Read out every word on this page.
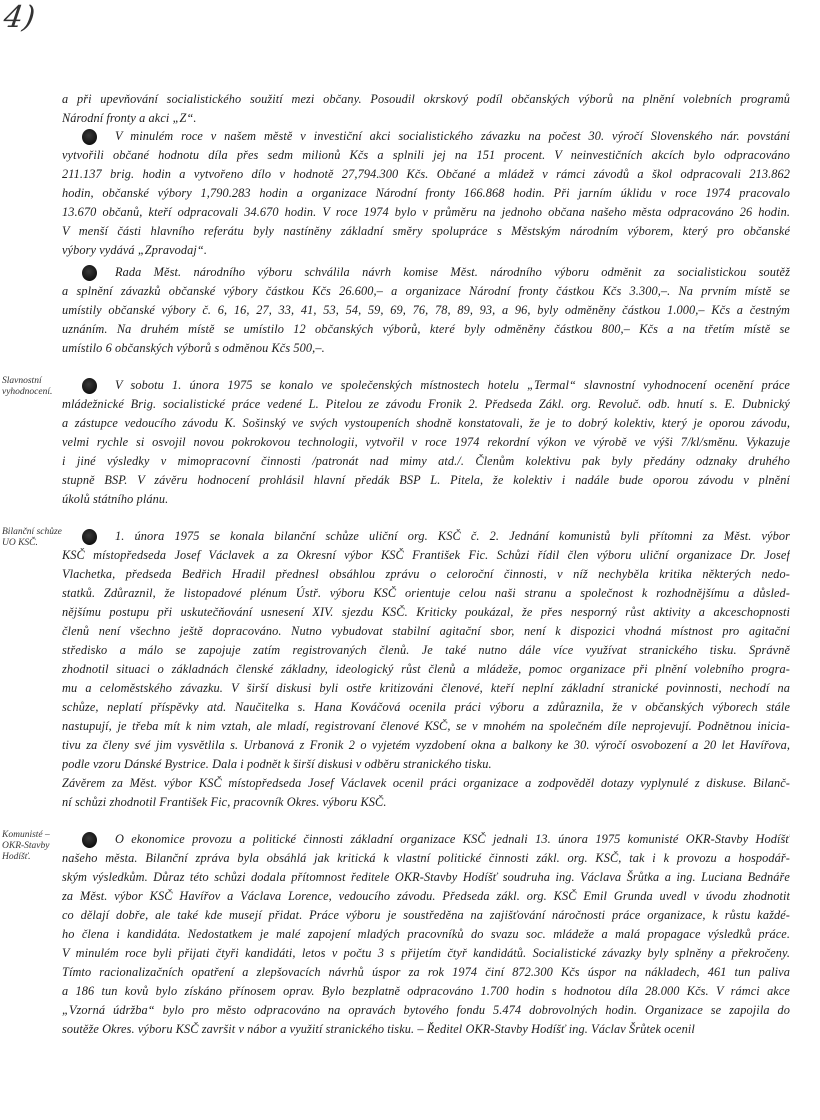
4)
a při upevňování socialistického soužití mezi občany. Posoudil okrskový podíl občanských výborů na plnění volebních programů
Národní fronty a akci „Z“.
V minulém roce v našem městě v investiční akci socialistického závazku na počest 30. výročí Slovenského nár. povstání
vytvořili občané hodnotu díla přes sedm milionů Kčs a splnili jej na 151 procent. V neinvestičních akcích bylo odpracováno
211.137 brig. hodin a vytvořeno dílo v hodnotě 27,794.300 Kčs. Občané a mládež v rámci závodů a škol odpracovali 213.862
hodin, občanské výbory 1,790.283 hodin a organizace Národní fronty 166.868 hodin. Při jarním úklidu v roce 1974 pracovalo
13.670 občanů, kteří odpracovali 34.670 hodin. V roce 1974 bylo v průměru na jednoho občana našeho města odpracováno 26 hodin.
V menší části hlavního referátu byly nastíněny základní směry spolupráce s Městským národním výborem, který pro občanské
výbory vydává „Zpravodaj“.
Rada Měst. národního výboru schválila návrh komise Měst. národního výboru odměnit za socialistickou soutěž
a splnění závazků občanské výbory částkou Kčs 26.600,– a organizace Národní fronty částkou Kčs 3.300,–. Na prvním místě se
umístily občanské výbory č. 6, 16, 27, 33, 41, 53, 54, 59, 69, 76, 78, 89, 93, a 96, byly odměněny částkou 1.000,– Kčs a čestným
uznáním. Na druhém místě se umístilo 12 občanských výborů, které byly odměněny částkou 800,– Kčs a na třetím místě se
umístilo 6 občanských výborů s odměnou Kčs 500,–.
Slavnostní vyhodnocení.	V sobotu 1. února 1975 se konalo ve společenských místnostech hotelu „Termal“ slavnostní vyhodnocení ocenění práce
mládežnické Brig. socialistické práce vedené L. Pitelou ze závodu Fronik 2. Předseda Zákl. org. Revoluč. odb. hnutí s. E. Dubnický
a zástupce vedoucího závodu K. Sošinský ve svých vystoupeních shodně konstatovali, že je to dobrý kolektiv, který je oporou závodu,
velmi rychle si osvojil novou pokrokovou technologii, vytvořil v roce 1974 rekordní výkon ve výrobě ve výši 7/kl/směnu. Vykazuje
i jiné výsledky v mimopracovní činnosti /patronát nad mimy atd./. Členům kolektivu pak byly předány odznaky druhého
stupně BSP. V závěru hodnocení prohlásil hlavní předák BSP L. Pitela, že kolektiv i nadále bude oporou závodu v plnění
úkolů státního plánu.
Bilanční schůze UO KSČ.	1. února 1975 se konala bilanční schůze uliční org. KSČ č. 2. Jednání komunistů byli přítomni za Měst. výbor
KSČ místopředseda Josef Václavek a za Okresní výbor KSČ František Fic. Schůzi řídil člen výboru uliční organizace Dr. Josef
Vlachetka, předseda Bedřich Hradil přednesl obsáhlou zprávu o celoroční činnosti, v níž nechyběla kritika některých nedo-
statků. Zdůraznil, že listopadové plénum Ústř. výboru KSČ orientuje celou naši stranu a společnost k rozhodnějšímu a důsled-
nějšímu postupu při uskutečňování usnesení XIV. sjezdu KSČ. Kriticky poukázal, že přes nesporný růst aktivity a akceschopnosti
členů není všechno ještě dopracováno. Nutno vybudovat stabilní agitační sbor, není k dispozici vhodná místnost pro agitační
středisko a málo se zapojuje zatím registrovaných členů. Je také nutno dále více využívat stranického tisku. Správně
zhodnotil situaci o základnách členské základny, ideologický růst členů a mládeže, pomoc organizace při plnění volebního progra-
mu a celoměstského závazku. V širší diskusi byli ostře kritizováni členové, kteří neplní základní stranické povinnosti, nechodí na
schůze, neplatí příspěvky atd. Naučitelka s. Hana Kováčová ocenila práci výboru a zdůraznila, že v občanských výborech stále
nastupují, je třeba mít k nim vztah, ale mladí, registrovaní členové KSČ, se v mnohém na společném díle neprojevují. Podnětnou inicia-
tivu za členy své jim vysvětlila s. Urbanová z Fronik 2 o vyjetém vyzdobení okna a balkony ke 30. výročí osvobození a 20 let Havířova,
podle vzoru Dánské Bystrice. Dala i podnět k širší diskusi v odběru stranického tisku.
Závěrem za Měst. výbor KSČ místopředseda Josef Václavek ocenil práci organizace a zodpověděl dotazy vyplynulé z diskuse. Bilanč-
ní schůzi zhodnotil František Fic, pracovník Okres. výboru KSČ.
Komunisté – OKR-Stavby Hodíšť.
O ekonomice provozu a politické činnosti základní organizace KSČ jednali 13. února 1975 komunisté OKR-Stavby Hodíšť
našeho města. Bilanční zpráva byla obsáhlá jak kritická k vlastní politické činnosti zákl. org. KSČ, tak i k provozu a hospodář-
ským výsledkům. Důraz této schůzi dodala přítomnost ředitele OKR-Stavby Hodíšť soudruha ing. Václava Šrůtka a ing. Luciana Bednáře
za Měst. výbor KSČ Havířov a Václava Lorence, vedoucího závodu. Předseda zákl. org. KSČ Emil Grunda uvedl v úvodu zhodnotit
co dělají dobře, ale také kde musejí přidat. Práce výboru je soustředěna na zajišťování náročnosti práce organizace, k růstu každé-
ho člena i kandidáta. Nedostatkem je malé zapojení mladých pracovníků do svazu soc. mládeže a malá propagace výsledků práce.
V minulém roce byli přijati čtyři kandidáti, letos v počtu 3 s přijetím čtyř kandidátů. Socialistické závazky byly splněny a překročeny.
Tímto racionalizačních opatření a zlepšovacích návrhů úspor za rok 1974 činí 872.300 Kčs úspor na nákladech, 461 tun paliva
a 186 tun kovů bylo získáno přínosem oprav. Bylo bezplatně odpracováno 1.700 hodin s hodnotou díla 28.000 Kčs. V rámci akce
„Vzorná údržba“ bylo pro město odpracováno na opravách bytového fondu 5.474 dobrovolných hodin. Organizace se zapojila do
soutěže Okres. výboru KSČ završit v nábor a využití stranického tisku. – Ředitel OKR-Stavby Hodíšť ing. Václav Šrůtek ocenil
